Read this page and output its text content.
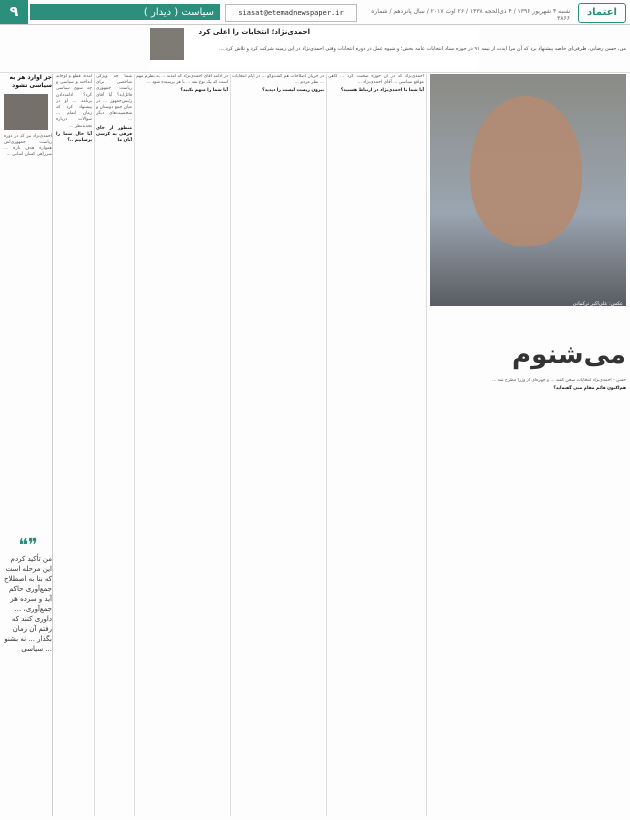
۹	سیاست ( دیدار )	siasat@etemadnewspaper.ir	شنبه ۴ شهریور ۱۳۹۶ / ۴ ذی‌الحجه ۱۴۳۸ / ۲۶ اوت ۲۰۱۷ / سال پانزدهم / شماره ۳۸۶۶
اعتماد
احمدی‌نژاد؛ انتخابات را اعلی کرد
من، حسن رضایی، ظرفی‌ای خاصه پیشنهاد برد که آن مرا اپدت از نیمه ۹۱ در حوزه ستاد انتخابات عامه بخش؛ و شیوه عمل در دوره انتخابات وقتی احمدی‌نژاد در این زمینه شرکت کرد و تلاش کرد ...
عکس: علی‌اکبر ترکمانی
می‌شنوم
حسن - احمدی‌نژاد انتخابات سخن گفته ... و چهره‌ای از وزرا مطرح شد ...
هم‌اکنون قائم مقام منی گفته‌اید؟
احمدی‌نژاد که در آن حوزه صحبت کرد ... گاهی مواقع سیاسی ... آقای احمدی‌نژاد ...
آیا شما با احمدی‌نژاد در ارتباط هستید؟
در جریان اصلاحات هم گفت‌وگو ... در ایام انتخابات ... نظر مردم ...
بیرون زیست لیست را دیدید؟
در ادامه آقای احمدی‌نژاد که آمدند ... به نظرم مهم است که یک نوع نقد ... با هر پرسیده شود ...
آیا شما را متهم نکنید؟
شما چه ویژگی شاخصی برای ریاست جمهوری قائل‌اید؟ آیا آقای رئیس‌جمهور ... در میان جمع دوستان و شخصیت‌های دیگر ...
منظور از جای فرقی به کرسی آنان ما
آمده، قطع و اوجانه انداخته و سیاسی و چه سوی سیاسی کرد؟ ادامه‌دادن برنامه ... او در پیشنهاد کرد که زمان اتمام ... سوالات درباره تجدیدنظر ...
آیا حال شما را برسانیم ..؟
جز اوارد هر به سیاسی نشود
احمدی‌نژاد نیز که در دوره ریاست جمهوری‌اش همواره هدف تازه ... سر‌راهی کسان اسانی ...
❝❞
من تأکید کردم این مرحله است که بنا به اصطلاح جمع‌آوری حاکم آید و سرده هر جمع‌آوری، ... داوری کنند که رفتم آن زمان بگذار ... نه بشنو ... سیاسی
